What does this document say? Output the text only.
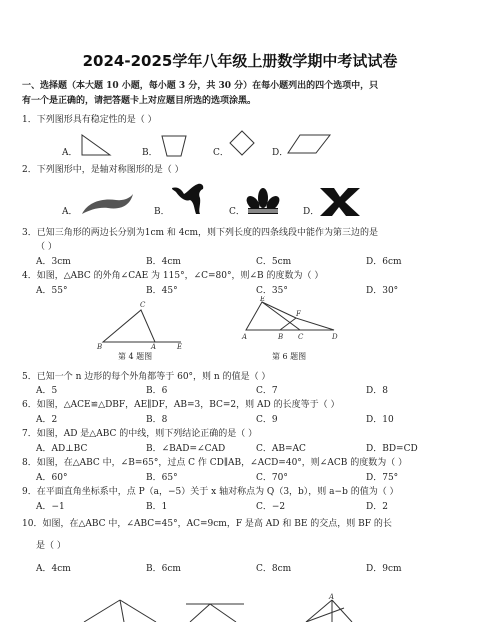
2024-2025学年八年级上册数学期中考试试卷
一、选择题（本大题 10 小题，每小题 3 分，共 30 分）在每小题列出的四个选项中，只
有一个是正确的，请把答题卡上对应题目所选的选项涂黑。
1．下列图形具有稳定性的是（ ）
A．	B．	C．	D．
2．下列图形中，是轴对称图形的是（ ）
A．	B．	C．	D．
3．已知三角形的两边长分别为1cm 和 4cm，则下列长度的四条线段中能作为第三边的是
（ ）
A．3cm	B．4cm	C．5cm	D．6cm
4．如图，△ABC 的外角∠CAE 为 115°，∠C=80°，则∠B 的度数为（ ）
A．55°	B．45°	C．35°	D．30°
C
B	A	E
第 4 题图
E
F
A	B C	D
第 6 题图
5．已知一个 n 边形的每个外角都等于 60°，则 n 的值是（ ）
A．5	B．6	C．7	D．8
6．如图，△ACE≌△DBF，AE∥DF，AB=3，BC=2，则 AD 的长度等于（ ）
A．2	B．8	C．9	D．10
7．如图，AD 是△ABC 的中线，则下列结论正确的是（ ）
A．AD⊥BC	B．∠BAD=∠CAD	C．AB=AC	D．BD=CD
8．如图，在△ABC 中，∠B=65°，过点 C 作 CD∥AB，∠ACD=40°，则∠ACB 的度数为（ ）
A．60°	B．65°	C．70°	D．75°
9．在平面直角坐标系中，点 P（a，−5）关于 x 轴对称点为 Q（3，b），则 a−b 的值为（ ）
A．−1	B．1	C．−2	D．2
10．如图，在△ABC 中，∠ABC=45°，AC=9cm，F 是高 AD 和 BE 的交点，则 BF 的长
是（ ）
A．4cm	B．6cm	C．8cm	D．9cm
A
